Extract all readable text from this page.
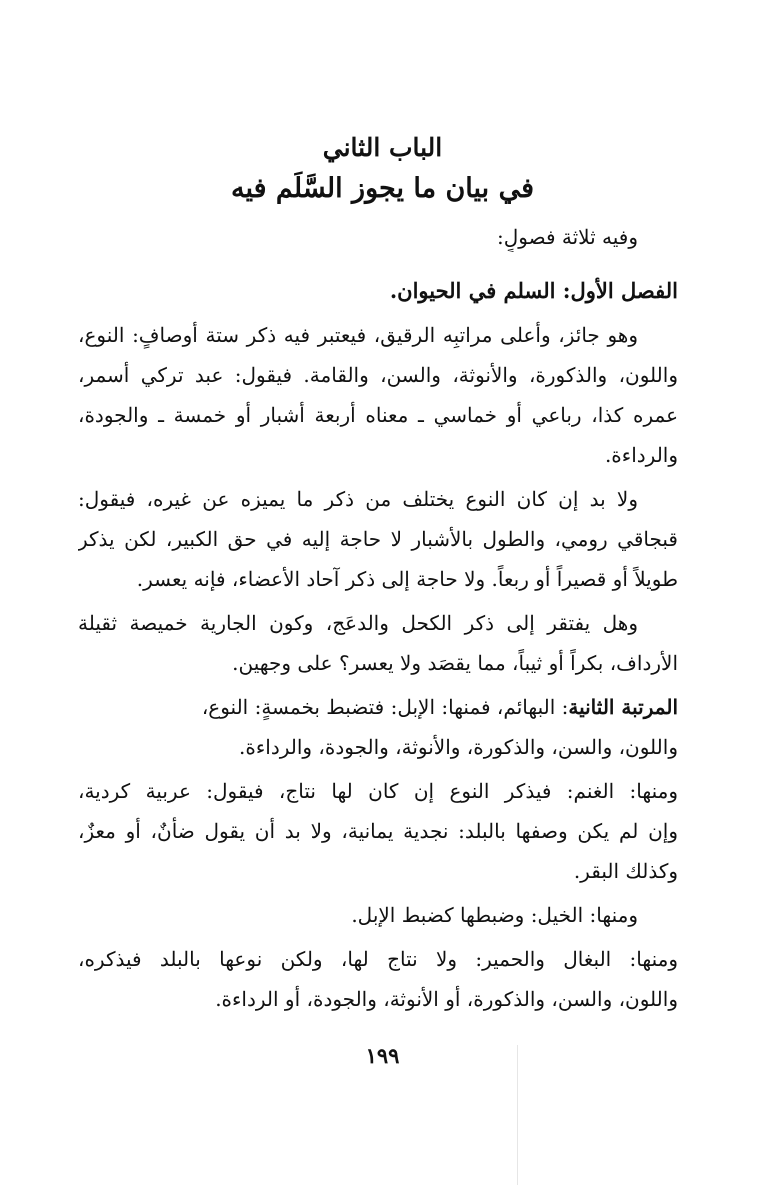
الباب الثاني
في بيان ما يجوز السَّلَم فيه
وفيه ثلاثة فصولٍ:
الفصل الأول: السلم في الحيوان.
وهو جائز، وأعلى مراتبِه الرقيق، فيعتبر فيه ذكر ستة أوصافٍ: النوع،
واللون، والذكورة، والأنوثة، والسن، والقامة. فيقول: عبد تركي أسمر،
عمره كذا، رباعي أو خماسي ـ معناه أربعة أشبار أو خمسة ـ والجودة،
والرداءة.
ولا بد إن كان النوع يختلف من ذكر ما يميزه عن غيره، فيقول:
قبجاقي رومي، والطول بالأشبار لا حاجة إليه في حق الكبير، لكن يذكر
طويلاً أو قصيراً أو ربعاً. ولا حاجة إلى ذكر آحاد الأعضاء، فإنه يعسر.
وهل يفتقر إلى ذكر الكحل والدعَج، وكون الجارية خميصة ثقيلة
الأرداف، بكراً أو ثيباً، مما يقصَد ولا يعسر؟ على وجهين.
المرتبة الثانية: البهائم، فمنها: الإبل: فتضبط بخمسةٍ: النوع،
واللون، والسن، والذكورة، والأنوثة، والجودة، والرداءة.
ومنها: الغنم: فيذكر النوع إن كان لها نتاج، فيقول: عربية كردية،
وإن لم يكن وصفها بالبلد: نجدية يمانية، ولا بد أن يقول ضأنٌ، أو معزٌ،
وكذلك البقر.
ومنها: الخيل: وضبطها كضبط الإبل.
ومنها: البغال والحمير: ولا نتاج لها، ولكن نوعها بالبلد فيذكره،
واللون، والسن، والذكورة، أو الأنوثة، والجودة، أو الرداءة.
١٩٩
